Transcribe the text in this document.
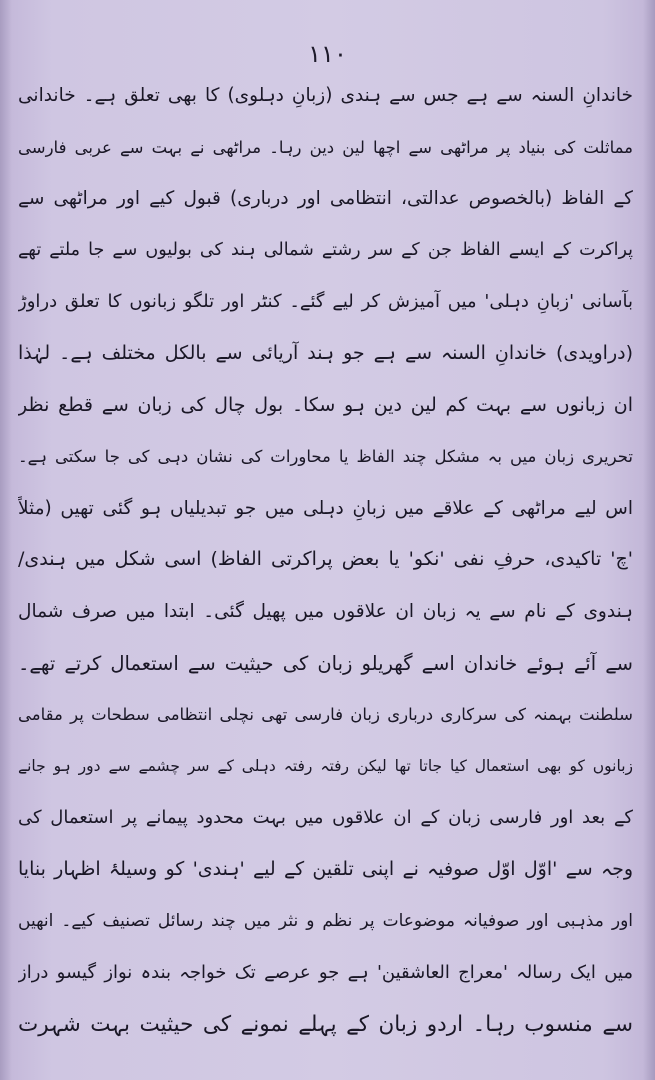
۱۱۰
خاندانِ السنہ سے ہے جس سے ہندی (زبانِ دہلوی) کا بھی تعلق ہے۔ خاندانی
مماثلت کی بنیاد پر مراٹھی سے اچھا لین دین رہا۔ مراٹھی نے بہت سے عربی فارسی
کے الفاظ (بالخصوص عدالتی، انتظامی اور درباری) قبول کیے اور مراٹھی سے
پراکرت کے ایسے الفاظ جن کے سر رشتے شمالی ہند کی بولیوں سے جا ملتے تھے
بآسانی 'زبانِ دہلی' میں آمیزش کر لیے گئے۔ کنٹر اور تلگو زبانوں کا تعلق دراوڑ
(دراویدی) خاندانِ السنہ سے ہے جو ہند آریائی سے بالکل مختلف ہے۔ لہٰذا
ان زبانوں سے بہت کم لین دین ہو سکا۔ بول چال کی زبان سے قطع نظر
تحریری زبان میں بہ مشکل چند الفاظ یا محاورات کی نشان دہی کی جا سکتی ہے۔
اس لیے مراٹھی کے علاقے میں زبانِ دہلی میں جو تبدیلیاں ہو گئی تھیں (مثلاً
'چ' تاکیدی، حرفِ نفی 'نکو' یا بعض پراکرتی الفاظ) اسی شکل میں ہندی/
ہندوی کے نام سے یہ زبان ان علاقوں میں پھیل گئی۔ ابتدا میں صرف شمال
سے آئے ہوئے خاندان اسے گھریلو زبان کی حیثیت سے استعمال کرتے تھے۔
سلطنت بہمنہ کی سرکاری درباری زبان فارسی تھی نچلی انتظامی سطحات پر مقامی
زبانوں کو بھی استعمال کیا جاتا تھا لیکن رفتہ رفتہ دہلی کے سر چشمے سے دور ہو جانے
کے بعد اور فارسی زبان کے ان علاقوں میں بہت محدود پیمانے پر استعمال کی
وجہ سے 'اوّل اوّل صوفیہ نے اپنی تلقین کے لیے 'ہندی' کو وسیلۂ اظہار بنایا
اور مذہبی اور صوفیانہ موضوعات پر نظم و نثر میں چند رسائل تصنیف کیے۔ انھیں
میں ایک رسالہ 'معراج العاشقین' ہے جو عرصے تک خواجہ بندہ نواز گیسو دراز
سے منسوب رہا۔ اردو زبان کے پہلے نمونے کی حیثیت بہت شہرت
